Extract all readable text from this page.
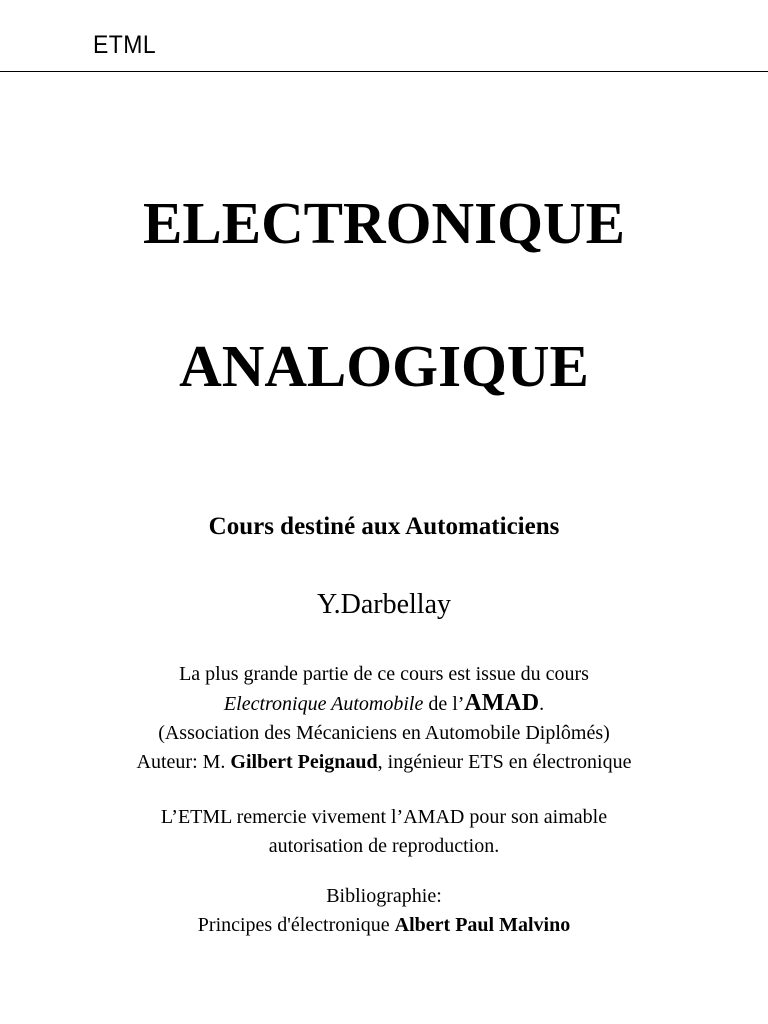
ETML
ELECTRONIQUE
ANALOGIQUE
Cours destiné aux Automaticiens
Y.Darbellay
La plus grande partie de ce cours est issue du cours
Electronique Automobile de l’AMAD.
(Association des Mécaniciens en Automobile Diplômés)
Auteur: M. Gilbert Peignaud, ingénieur ETS en électronique
L’ETML remercie vivement l’AMAD pour son aimable
autorisation de reproduction.
Bibliographie:
Principes d'électronique Albert Paul Malvino
